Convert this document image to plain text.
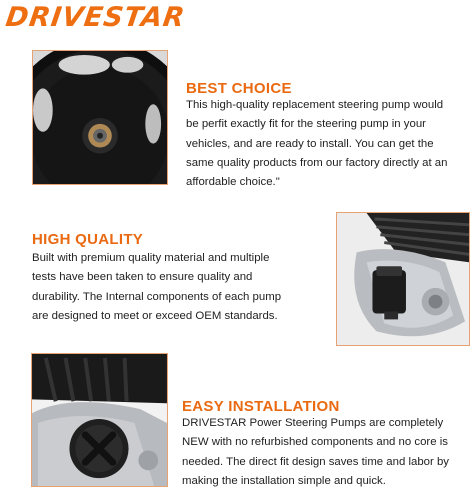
DRIVESTAR
BEST CHOICE
This high-quality replacement steering pump would be perfit exactly fit for the steering pump in your vehicles, and are ready to install. You can get the same quality products from our factory directly at an affordable choice."
HIGH QUALITY
Built with premium quality material and multiple tests have been taken to ensure quality and durability. The Internal components of each pump are designed to meet or exceed OEM standards.
EASY INSTALLATION
DRIVESTAR Power Steering Pumps are completely NEW with no refurbished components and no core is needed. The direct fit design saves time and labor by making the installation simple and quick.
